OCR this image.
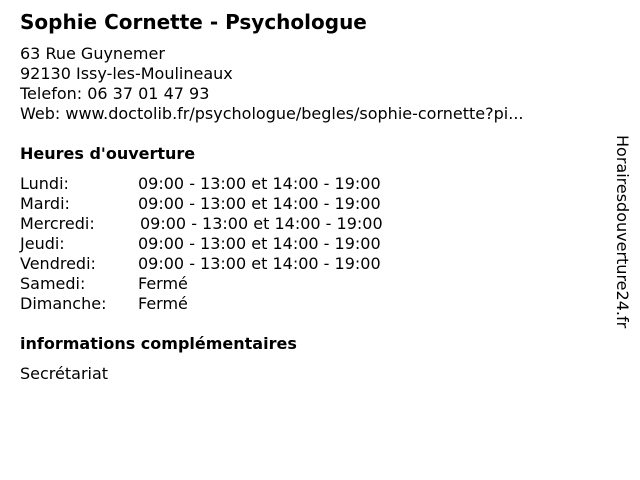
Sophie Cornette - Psychologue
63 Rue Guynemer
92130 Issy-les-Moulineaux
Telefon: 06 37 01 47 93
Web: www.doctolib.fr/psychologue/begles/sophie-cornette?pi...
Heures d'ouverture
Lundi:	09:00 - 13:00 et 14:00 - 19:00
Mardi:	09:00 - 13:00 et 14:00 - 19:00
Mercredi:	09:00 - 13:00 et 14:00 - 19:00
Jeudi:	09:00 - 13:00 et 14:00 - 19:00
Vendredi:	09:00 - 13:00 et 14:00 - 19:00
Samedi:	Fermé
Dimanche: Fermé
informations complémentaires
Secrétariat
Horairesdouverture24.fr
